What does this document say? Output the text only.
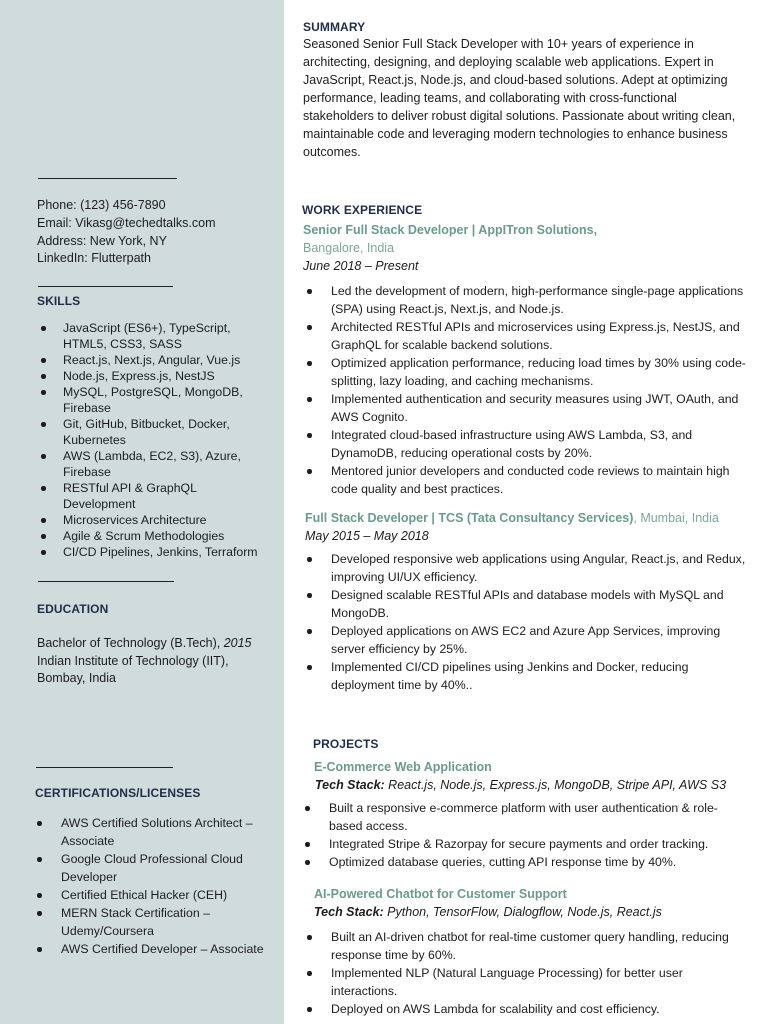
Phone: (123) 456-7890
Email: Vikasg@techedtalks.com
Address: New York, NY
LinkedIn: Flutterpath
SKILLS
JavaScript (ES6+), TypeScript, HTML5, CSS3, SASS
React.js, Next.js, Angular, Vue.js
Node.js, Express.js, NestJS
MySQL, PostgreSQL, MongoDB, Firebase
Git, GitHub, Bitbucket, Docker, Kubernetes
AWS (Lambda, EC2, S3), Azure, Firebase
RESTful API & GraphQL Development
Microservices Architecture
Agile & Scrum Methodologies
CI/CD Pipelines, Jenkins, Terraform
EDUCATION
Bachelor of Technology (B.Tech), 2015
Indian Institute of Technology (IIT),
Bombay, India
CERTIFICATIONS/LICENSES
AWS Certified Solutions Architect – Associate
Google Cloud Professional Cloud Developer
Certified Ethical Hacker (CEH)
MERN Stack Certification – Udemy/Coursera
AWS Certified Developer – Associate
SUMMARY

Seasoned Senior Full Stack Developer with 10+ years of experience in architecting, designing, and deploying scalable web applications. Expert in JavaScript, React.js, Node.js, and cloud-based solutions. Adept at optimizing performance, leading teams, and collaborating with cross-functional stakeholders to deliver robust digital solutions. Passionate about writing clean, maintainable code and leveraging modern technologies to enhance business outcomes.

WORK EXPERIENCE
Senior Full Stack Developer | AppITron Solutions,
Bangalore, India
June 2018 – Present
Led the development of modern, high-performance single-page applications (SPA) using React.js, Next.js, and Node.js.
Architected RESTful APIs and microservices using Express.js, NestJS, and GraphQL for scalable backend solutions.
Optimized application performance, reducing load times by 30% using code-splitting, lazy loading, and caching mechanisms.
Implemented authentication and security measures using JWT, OAuth, and AWS Cognito.
Integrated cloud-based infrastructure using AWS Lambda, S3, and DynamoDB, reducing operational costs by 20%.
Mentored junior developers and conducted code reviews to maintain high code quality and best practices.
Full Stack Developer | TCS (Tata Consultancy Services), Mumbai, India
May 2015 – May 2018
Developed responsive web applications using Angular, React.js, and Redux, improving UI/UX efficiency.
Designed scalable RESTful APIs and database models with MySQL and MongoDB.
Deployed applications on AWS EC2 and Azure App Services, improving server efficiency by 25%.
Implemented CI/CD pipelines using Jenkins and Docker, reducing deployment time by 40%..
PROJECTS
E-Commerce Web Application
Tech Stack: React.js, Node.js, Express.js, MongoDB, Stripe API, AWS S3
Built a responsive e-commerce platform with user authentication & role-based access.
Integrated Stripe & Razorpay for secure payments and order tracking.
Optimized database queries, cutting API response time by 40%.
AI-Powered Chatbot for Customer Support
Tech Stack: Python, TensorFlow, Dialogflow, Node.js, React.js
Built an AI-driven chatbot for real-time customer query handling, reducing response time by 60%.
Implemented NLP (Natural Language Processing) for better user interactions.
Deployed on AWS Lambda for scalability and cost efficiency.
